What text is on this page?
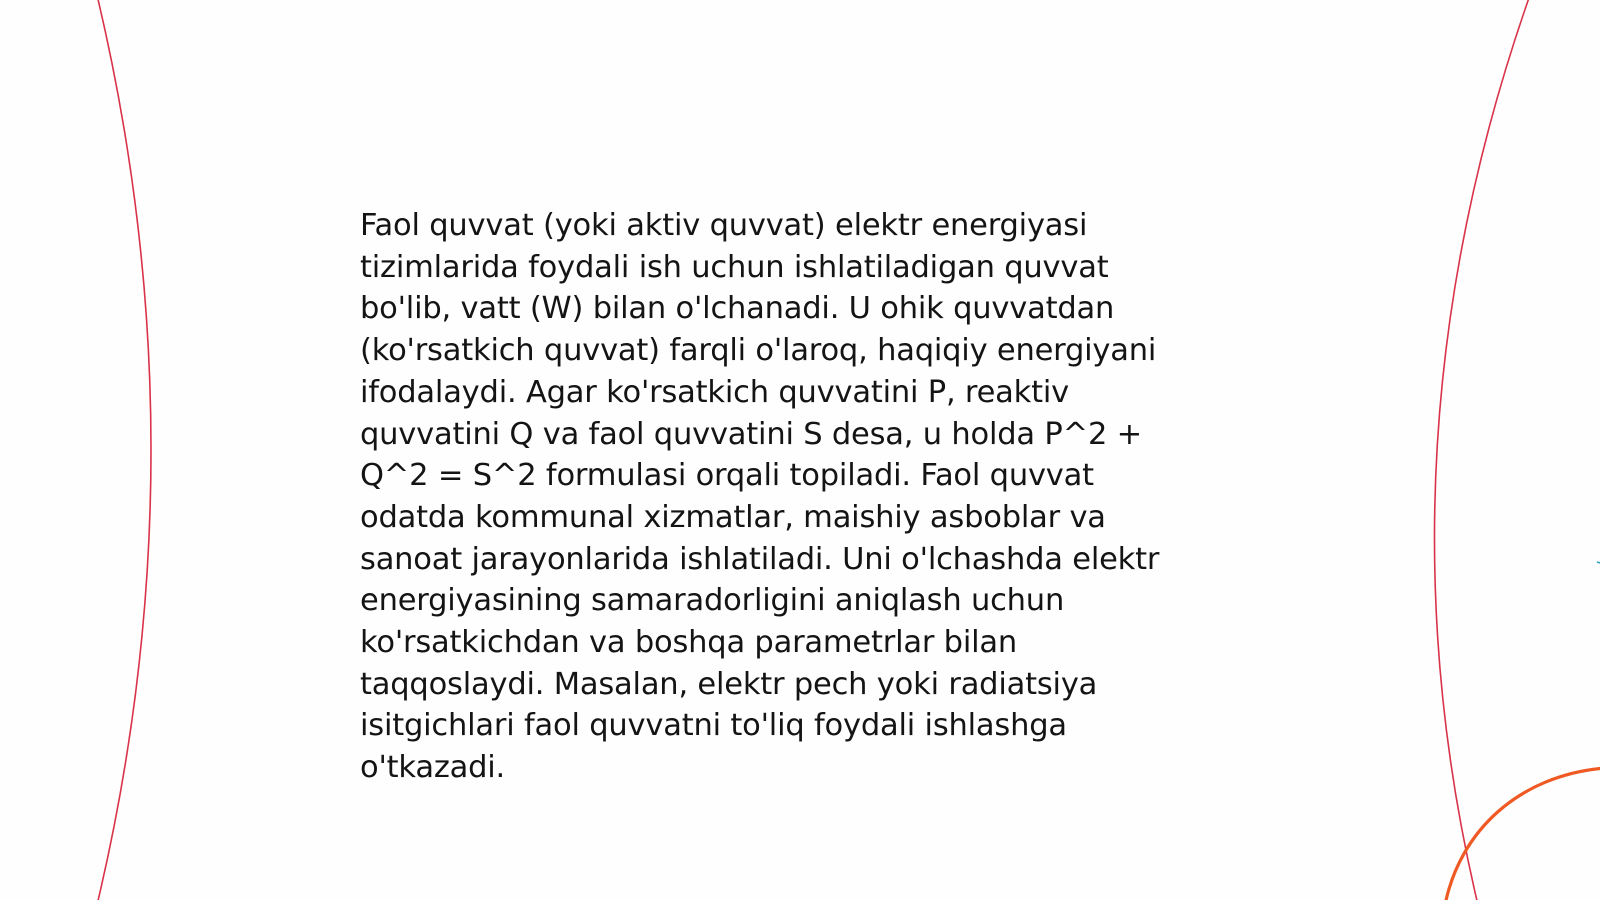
Faol quvvat (yoki aktiv quvvat) elektr energiyasi
tizimlarida foydali ish uchun ishlatiladigan quvvat
bo'lib, vatt (W) bilan o'lchanadi. U ohik quvvatdan
(ko'rsatkich quvvat) farqli o'laroq, haqiqiy energiyani
ifodalaydi. Agar ko'rsatkich quvvatini P, reaktiv
quvvatini Q va faol quvvatini S desa, u holda P^2 +
Q^2 = S^2 formulasi orqali topiladi. Faol quvvat
odatda kommunal xizmatlar, maishiy asboblar va
sanoat jarayonlarida ishlatiladi. Uni o'lchashda elektr
energiyasining samaradorligini aniqlash uchun
ko'rsatkichdan va boshqa parametrlar bilan
taqqoslaydi. Masalan, elektr pech yoki radiatsiya
isitgichlari faol quvvatni to'liq foydali ishlashga
o'tkazadi.
